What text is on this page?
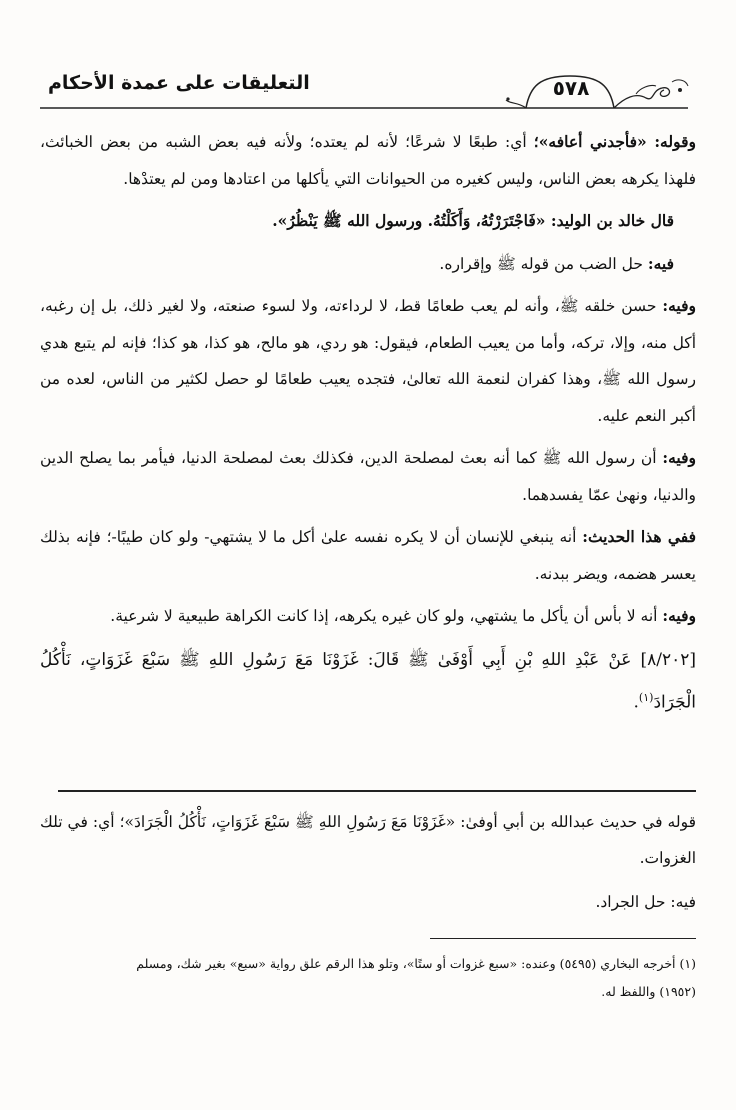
٥٧٨
التعليقات على عمدة الأحكام

وقوله: «فأجدني أعافه»؛ أي: طبعًا لا شرعًا؛ لأنه لم يعتده؛ ولأنه فيه بعض الشبه من بعض الخبائث، فلهذا يكرهه بعض الناس، وليس كغيره من الحيوانات التي يأكلها من اعتادها ومن لم يعتدْها.

قال خالد بن الوليد: «فَاجْتَرَرْتُهُ، وَأَكَلْتُهُ. ورسول الله ﷺ يَنْظُرُ».

فيه: حل الضب من قوله ﷺ وإقراره.

وفيه: حسن خلقه ﷺ، وأنه لم يعب طعامًا قط، لا لرداءته، ولا لسوء صنعته، ولا لغير ذلك، بل إن رغبه، أكل منه، وإلا، تركه، وأما من يعيب الطعام، فيقول: هو ردي، هو مالح، هو كذا، هو كذا؛ فإنه لم يتبع هدي رسول الله ﷺ، وهذا كفران لنعمة الله تعالىٰ، فتجده يعيب طعامًا لو حصل لكثير من الناس، لعده من أكبر النعم عليه.

وفيه: أن رسول الله ﷺ كما أنه بعث لمصلحة الدين، فكذلك بعث لمصلحة الدنيا، فيأمر بما يصلح الدين والدنيا، ونهىٰ عمّا يفسدهما.

ففي هذا الحديث: أنه ينبغي للإنسان أن لا يكره نفسه علىٰ أكل ما لا يشتهي- ولو كان طيبًا-؛ فإنه بذلك يعسر هضمه، ويضر ببدنه.

وفيه: أنه لا بأس أن يأكل ما يشتهي، ولو كان غيره يكرهه، إذا كانت الكراهة طبيعية لا شرعية.

[٨/٢٠٢] عَنْ عَبْدِ اللهِ بْنِ أَبِي أَوْفَىٰ ﷺ قَالَ: غَزَوْنَا مَعَ رَسُولِ اللهِ ﷺ سَبْعَ غَزَوَاتٍ، نَأْكُلُ الْجَرَادَ$^{(١)}$.

قوله في حديث عبدالله بن أبي أوفىٰ: «غَزَوْنَا مَعَ رَسُولِ اللهِ ﷺ سَبْعَ غَزَوَاتٍ، نَأْكُلُ الْجَرَادَ»؛ أي: في تلك الغزوات.

فيه: حل الجراد.

(١) أخرجه البخاري (٥٤٩٥) وعنده: «سبع غزوات أو ستًا»، وتلو هذا الرقم علق رواية «سبع» بغير شك، ومسلم

(١٩٥٢) واللفظ له.
